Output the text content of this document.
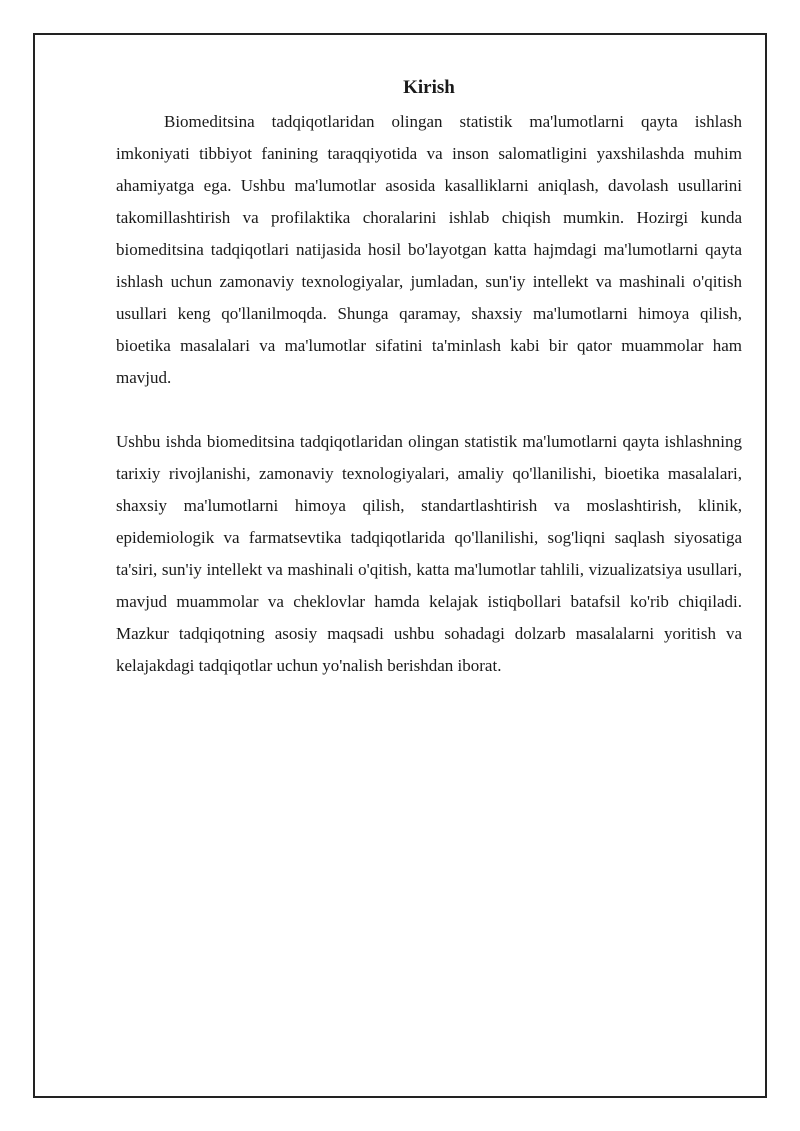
Kirish

Biomeditsina tadqiqotlaridan olingan statistik ma'lumotlarni qayta ishlash imkoniyati tibbiyot fanining taraqqiyotida va inson salomatligini yaxshilashda muhim ahamiyatga ega. Ushbu ma'lumotlar asosida kasalliklarni aniqlash, davolash usullarini takomillashtirish va profilaktika choralarini ishlab chiqish mumkin. Hozirgi kunda biomeditsina tadqiqotlari natijasida hosil bo'layotgan katta hajmdagi ma'lumotlarni qayta ishlash uchun zamonaviy texnologiyalar, jumladan, sun'iy intellekt va mashinali o'qitish usullari keng qo'llanilmoqda. Shunga qaramay, shaxsiy ma'lumotlarni himoya qilish, bioetika masalalari va ma'lumotlar sifatini ta'minlash kabi bir qator muammolar ham mavjud.

Ushbu ishda biomeditsina tadqiqotlaridan olingan statistik ma'lumotlarni qayta ishlashning tarixiy rivojlanishi, zamonaviy texnologiyalari, amaliy qo'llanilishi, bioetika masalalari, shaxsiy ma'lumotlarni himoya qilish, standartlashtirish va moslashtirish, klinik, epidemiologik va farmatsevtika tadqiqotlarida qo'llanilishi, sog'liqni saqlash siyosatiga ta'siri, sun'iy intellekt va mashinali o'qitish, katta ma'lumotlar tahlili, vizualizatsiya usullari, mavjud muammolar va cheklovlar hamda kelajak istiqbollari batafsil ko'rib chiqiladi. Mazkur tadqiqotning asosiy maqsadi ushbu sohadagi dolzarb masalalarni yoritish va kelajakdagi tadqiqotlar uchun yo'nalish berishdan iborat.
